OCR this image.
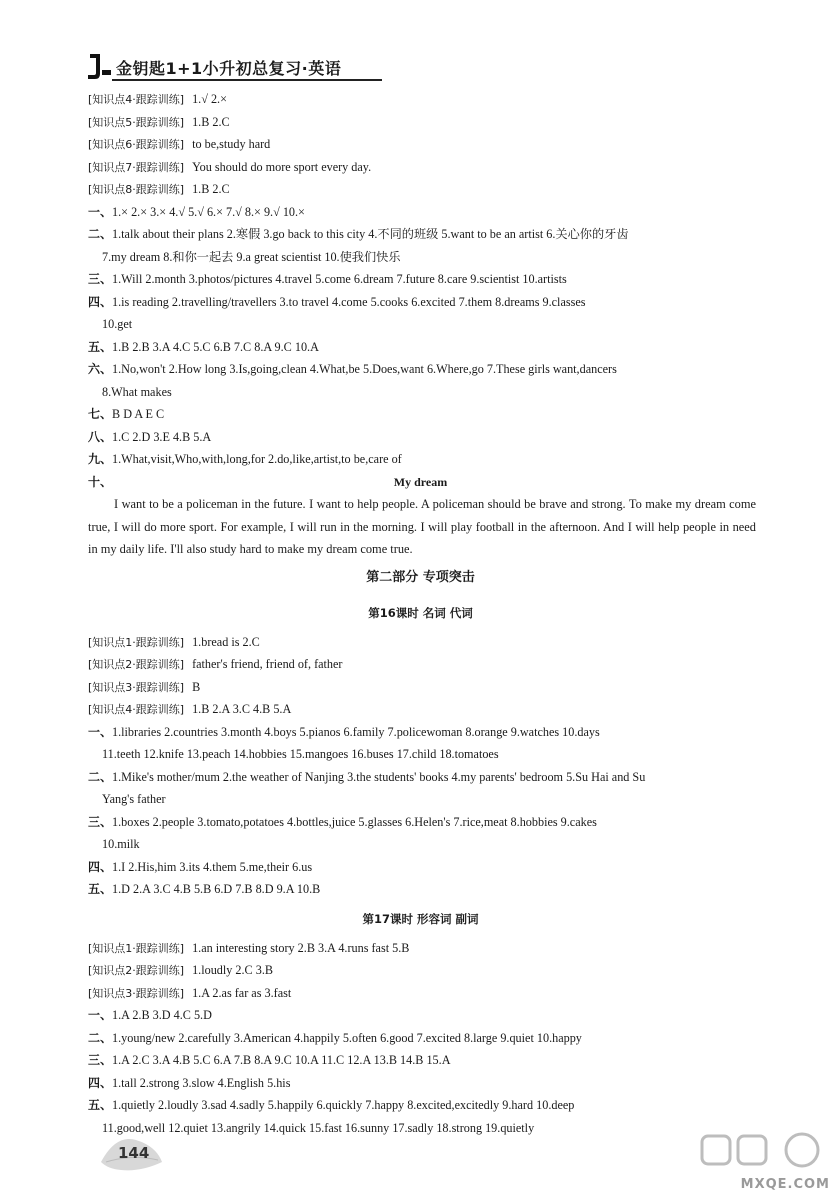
金钥匙1+1小升初总复习·英语
[知识点4·跟踪训练] 1.√ 2.×
[知识点5·跟踪训练] 1.B 2.C
[知识点6·跟踪训练] to be,study hard
[知识点7·跟踪训练] You should do more sport every day.
[知识点8·跟踪训练] 1.B 2.C
一、1.× 2.× 3.× 4.√ 5.√ 6.× 7.√ 8.× 9.√ 10.×
二、1.talk about their plans 2.寒假 3.go back to this city 4.不同的班级 5.want to be an artist 6.关心你的牙齿
7.my dream 8.和你一起去 9.a great scientist 10.使我们快乐
三、1.Will 2.month 3.photos/pictures 4.travel 5.come 6.dream 7.future 8.care 9.scientist 10.artists
四、1.is reading 2.travelling/travellers 3.to travel 4.come 5.cooks 6.excited 7.them 8.dreams 9.classes
10.get
五、1.B 2.B 3.A 4.C 5.C 6.B 7.C 8.A 9.C 10.A
六、1.No,won't 2.How long 3.Is,going,clean 4.What,be 5.Does,want 6.Where,go 7.These girls want,dancers
8.What makes
七、B D A E C
八、1.C 2.D 3.E 4.B 5.A
九、1.What,visit,Who,with,long,for 2.do,like,artist,to be,care of
十、	My dream
I want to be a policeman in the future. I want to help people. A policeman should be brave and strong. To make my dream come true, I will do more sport. For example, I will run in the morning. I will play football in the afternoon. And I will help people in need in my daily life. I'll also study hard to make my dream come true.
第二部分 专项突击
第16课时 名词 代词
[知识点1·跟踪训练] 1.bread is 2.C
[知识点2·跟踪训练] father's friend, friend of, father
[知识点3·跟踪训练] B
[知识点4·跟踪训练] 1.B 2.A 3.C 4.B 5.A
一、1.libraries 2.countries 3.month 4.boys 5.pianos 6.family 7.policewoman 8.orange 9.watches 10.days
11.teeth 12.knife 13.peach 14.hobbies 15.mangoes 16.buses 17.child 18.tomatoes
二、1.Mike's mother/mum 2.the weather of Nanjing 3.the students' books 4.my parents' bedroom 5.Su Hai and Su
Yang's father
三、1.boxes 2.people 3.tomato,potatoes 4.bottles,juice 5.glasses 6.Helen's 7.rice,meat 8.hobbies 9.cakes
10.milk
四、1.I 2.His,him 3.its 4.them 5.me,their 6.us
五、1.D 2.A 3.C 4.B 5.B 6.D 7.B 8.D 9.A 10.B
第17课时 形容词 副词
[知识点1·跟踪训练] 1.an interesting story 2.B 3.A 4.runs fast 5.B
[知识点2·跟踪训练] 1.loudly 2.C 3.B
[知识点3·跟踪训练] 1.A 2.as far as 3.fast
一、1.A 2.B 3.D 4.C 5.D
二、1.young/new 2.carefully 3.American 4.happily 5.often 6.good 7.excited 8.large 9.quiet 10.happy
三、1.A 2.C 3.A 4.B 5.C 6.A 7.B 8.A 9.C 10.A 11.C 12.A 13.B 14.B 15.A
四、1.tall 2.strong 3.slow 4.English 5.his
五、1.quietly 2.loudly 3.sad 4.sadly 5.happily 6.quickly 7.happy 8.excited,excitedly 9.hard 10.deep
11.good,well 12.quiet 13.angrily 14.quick 15.fast 16.sunny 17.sadly 18.strong 19.quietly
144
MXQE.COM
